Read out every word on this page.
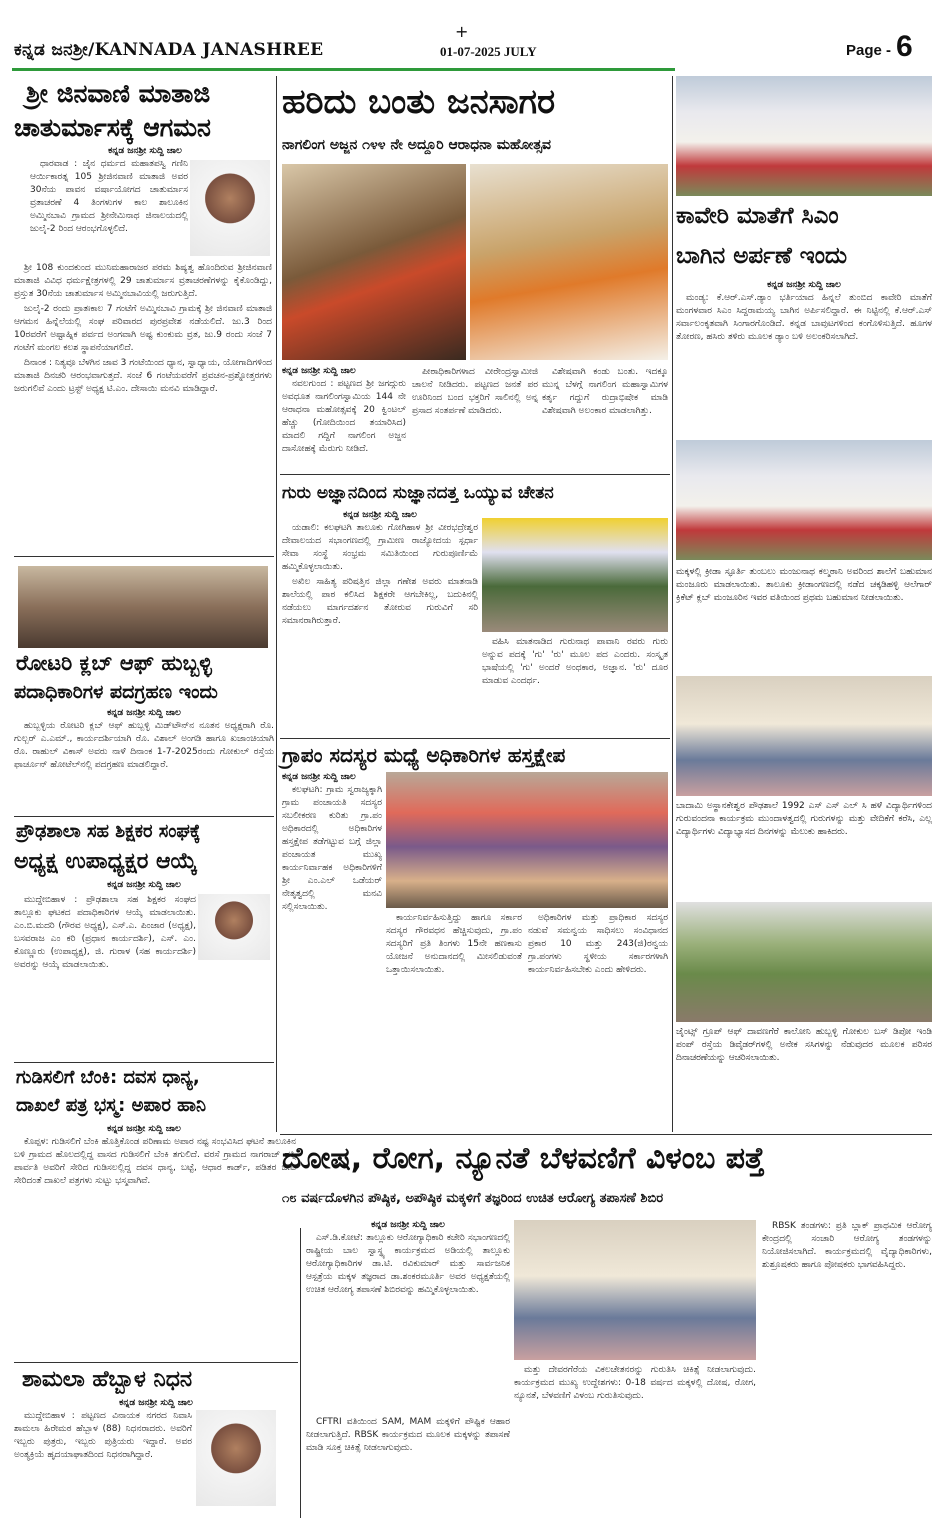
+
ಕನ್ನಡ ಜನಶ್ರೀ/KANNADA JANASHREE	01-07-2025 JULY	Page - 6
ಶ್ರೀ ಜಿನವಾಣಿ ಮಾತಾಜಿ
ಚಾತುರ್ಮಾಸಕ್ಕೆ ಆಗಮನ
ಕನ್ನಡ ಜನಶ್ರೀ ಸುದ್ದಿ ಜಾಲ

ಧಾರವಾಡ : ಜೈನ ಧರ್ಮದ ಮಹಾತಪಸ್ವಿ ಗಣಿನಿ ಆರ್ಯಿಕಾರತ್ನ 105 ಶ್ರೀಜಿನವಾಣಿ ಮಾತಾಜಿ ಅವರ 30ನೆಯ ಪಾವನ ವರ್ಷಾಯೋಗದ ಚಾತುರ್ಮಾಸ ವ್ರತಾಚರಣೆ 4 ತಿಂಗಳುಗಳ ಕಾಲ ಶಾಲೂಕಿನ ಅಮ್ಮಿನಬಾವಿ ಗ್ರಾಮದ ಶ್ರೀನೇಮಿನಾಥ ಜಿನಾಲಯದಲ್ಲಿ ಜುಲೈ-2 ರಿಂದ ಆರಂಭಗೊಳ್ಳಲಿದೆ.

ಶ್ರೀ 108 ಕುಂದಕುಂದ ಮುನಿಮಹಾರಾಜರ ಪರಮ ಶಿಷ್ಯತ್ವ ಹೊಂದಿರುವ ಶ್ರೀಜಿನವಾಣಿ ಮಾತಾಜಿ ವಿವಿಧ ಧರ್ಮಕ್ಷೇತ್ರಗಳಲ್ಲಿ 29 ಚಾತುರ್ಮಾಸ ವ್ರತಾಚರಣೆಗಳನ್ನು ಕೈಕೊಂಡಿದ್ದು, ಪ್ರಸ್ತುತ 30ನೆಯ ಚಾತುರ್ಮಾಸ ಅಮ್ಮಿನಬಾವಿಯಲ್ಲಿ ಜರುಗುತ್ತಿದೆ.

ಜುಲೈ-2 ರಂದು ಪ್ರಾತಃಕಾಲ 7 ಗಂಟೆಗೆ ಅಮ್ಮಿನಬಾವಿ ಗ್ರಾಮಕ್ಕೆ ಶ್ರೀ ಜಿನವಾಣಿ ಮಾತಾಜಿ ಆಗಮನ ಹಿನ್ನೆಲೆಯಲ್ಲಿ ಸಂಘ ಪರಿವಾರದ ಪುರಪ್ರವೇಶ ನಡೆಯಲಿದೆ. ಜು.3 ರಿಂದ 10ರವರೆಗೆ ಅಷ್ಟಾಹ್ನಿಕ ಪರ್ವದ ಅಂಗವಾಗಿ ಅಷ್ಟ ಕುಂಕುಮ ವ್ರತ, ಜು.9 ರಂದು ಸಂಜೆ 7 ಗಂಟೆಗೆ ಮಂಗಲ ಕಲಶ ಸ್ಥಾಪನೆಯಾಗಲಿದೆ.

ದಿನಾಂಕ : ನಿತ್ಯವೂ ಬೆಳಗಿನ ಜಾವ 3 ಗಂಟೆಯಿಂದ ಧ್ಯಾನ, ಸ್ವಾಧ್ಯಾಯ, ಯೋಗಾದಿಗಳಿಂದ ಮಾತಾಜಿ ದಿನಚರಿ ಆರಂಭವಾಗುತ್ತದೆ. ಸಂಜೆ 6 ಗಂಟೆಯವರೆಗೆ ಪ್ರವಚನ-ಪ್ರಶ್ನೋತ್ತರಗಳು ಜರುಗಲಿವೆ ಎಂದು ಟ್ರಸ್ಟ್ ಅಧ್ಯಕ್ಷ ಟಿ.ಎಂ. ದೇಸಾಯಿ ಮನವಿ ಮಾಡಿದ್ದಾರೆ.

ರೋಟರಿ ಕ್ಲಬ್ ಆಫ್ ಹುಬ್ಬಳ್ಳಿ
ಪದಾಧಿಕಾರಿಗಳ ಪದಗ್ರಹಣ ಇಂದು
ಕನ್ನಡ ಜನಶ್ರೀ ಸುದ್ದಿ ಜಾಲ

ಹುಬ್ಬಳ್ಳಿಯ ರೋಟರಿ ಕ್ಲಬ್ ಆಫ್ ಹುಬ್ಬಳ್ಳಿ ಮಿಡ್‌ಟೌನ್‌ನ ನೂತನ ಅಧ್ಯಕ್ಷರಾಗಿ ರೊ. ಗುಲ್ಬರ್ ಎ.ಎಮ್., ಕಾರ್ಯದರ್ಶಿಯಾಗಿ ರೊ. ವಿಶಾಲ್ ಅಂಗಡಿ ಹಾಗೂ ಖಜಾಂಚಿಯಾಗಿ ರೊ. ರಾಹುಲ್ ವಿಕಾಸ್ ಅವರು ನಾಳೆ ದಿನಾಂಕ 1-7-2025ರಂದು ಗೋಕುಲ್ ರಸ್ತೆಯ ಫಾರ್ಚೂನ್ ಹೋಟೆಲ್‌ನಲ್ಲಿ ಪದಗ್ರಹಣ ಮಾಡಲಿದ್ದಾರೆ.

ಪ್ರೌಢಶಾಲಾ ಸಹ ಶಿಕ್ಷಕರ ಸಂಘಕ್ಕೆ
ಅಧ್ಯಕ್ಷ ಉಪಾಧ್ಯಕ್ಷರ ಆಯ್ಕೆ
ಕನ್ನಡ ಜನಶ್ರೀ ಸುದ್ದಿ ಜಾಲ

ಮುದ್ದೇಬಿಹಾಳ : ಪ್ರೌಢಶಾಲಾ ಸಹ ಶಿಕ್ಷಕರ ಸಂಘದ ತಾಲ್ಲೂಕು ಘಟಕದ ಪದಾಧಿಕಾರಿಗಳ ಆಯ್ಕೆ ಮಾಡಲಾಯಿತು. ಎಂ.ಬಿ.ಮದರಿ (ಗೌರವ ಅಧ್ಯಕ್ಷ), ಎಸ್.ಎ. ಪಿಂಜಾರ (ಅಧ್ಯಕ್ಷ), ಬಸವರಾಜ ಎಂ ಕರಿ (ಪ್ರಧಾನ ಕಾರ್ಯದರ್ಶಿ), ಎಸ್. ಎಂ. ಕೊಣ್ಣೂರು (ಉಪಾಧ್ಯಕ್ಷ), ಜಿ. ಗುರಾಳ (ಸಹ ಕಾರ್ಯದರ್ಶಿ) ಅವರನ್ನು ಆಯ್ಕೆ ಮಾಡಲಾಯಿತು.

ಗುಡಿಸಲಿಗೆ ಬೆಂಕಿ: ದವಸ ಧಾನ್ಯ,
ದಾಖಲೆ ಪತ್ರ ಭಸ್ಮ: ಅಪಾರ ಹಾನಿ
ಕನ್ನಡ ಜನಶ್ರೀ ಸುದ್ದಿ ಜಾಲ

ಕೊಪ್ಪಳ: ಗುಡಿಸಲಿಗೆ ಬೆಂಕಿ ಹೊತ್ತಿಕೊಂಡ ಪರಿಣಾಮ ಅಪಾರ ನಷ್ಟ ಸಂಭವಿಸಿದ ಘಟನೆ ತಾಲೂಕಿನ ಬಳಿ ಗ್ರಾಮದ ಹೊಲದಲ್ಲಿದ್ದ ವಾಸದ ಗುಡಿಸಲಿಗೆ ಬೆಂಕಿ ತಗುಲಿದೆ. ವರಸೆ ಗ್ರಾಮದ ನಾಗರಾಜ್ ಪತ್ನಿ ಪಾರ್ವತಿ ಅವರಿಗೆ ಸೇರಿದ ಗುಡಿಸಲಲ್ಲಿದ್ದ ದವಸ ಧಾನ್ಯ, ಬಟ್ಟೆ, ಆಧಾರ ಕಾರ್ಡ್, ಪಡಿತರ ಚೀಟಿ ಸೇರಿದಂತೆ ದಾಖಲೆ ಪತ್ರಗಳು ಸುಟ್ಟು ಭಸ್ಮವಾಗಿವೆ.

ಶಾಮಲಾ ಹೆಬ್ಬಾಳ ನಿಧನ
ಕನ್ನಡ ಜನಶ್ರೀ ಸುದ್ದಿ ಜಾಲ

ಮುದ್ದೇಬಿಹಾಳ : ಪಟ್ಟಣದ ವಿನಾಯಕ ನಗರದ ನಿವಾಸಿ ಶಾಮಲಾ ಹಿರೇಮಠ ಹೆಬ್ಬಾಳ (88) ನಿಧನರಾದರು. ಅವರಿಗೆ ಇಬ್ಬರು ಪುತ್ರರು, ಇಬ್ಬರು ಪುತ್ರಿಯರು ಇದ್ದಾರೆ. ಅವರ ಅಂತ್ಯಕ್ರಿಯೆ ಹೃದಯಾಘಾತದಿಂದ ನಿಧನರಾಗಿದ್ದಾರೆ.

ಹರಿದು ಬಂತು ಜನಸಾಗರ
ನಾಗಲಿಂಗ ಅಜ್ಜನ ೧೪೪ ನೇ ಅದ್ದೂರಿ ಆರಾಧನಾ ಮಹೋತ್ಸವ
ಕನ್ನಡ ಜನಶ್ರೀ ಸುದ್ದಿ ಜಾಲ

ನವಲಗುಂದ : ಪಟ್ಟಣದ ಶ್ರೀ ಜಗದ್ಗುರು ಅವಧೂತ ನಾಗಲಿಂಗಸ್ವಾಮಿಯ 144 ನೇ ಆರಾಧನಾ ಮಹೋತ್ಸವಕ್ಕೆ 20 ಕ್ವಿಂಟಲ್ ಹೆಚ್ಚು (ಗೋದಿಯಿಂದ ತಯಾರಿಸಿದ) ಮಾದಲಿ ಗದ್ದಿಗೆ ನಾಗಲಿಂಗ ಅಜ್ಜನ ದಾಸೋಹಕ್ಕೆ ಮೆರುಗು ನೀಡಿದೆ.

ಪೀಠಾಧಿಕಾರಿಗಳಾದ ವೀರೇಂದ್ರಸ್ವಾಮೀಜಿ ಚಾಲನೆ ನೀಡಿದರು. ಪಟ್ಟಣದ ಜನತೆ ಪರ ಊರಿನಿಂದ ಬಂದ ಭಕ್ತರಿಗೆ ಸಾಲಿನಲ್ಲಿ ಅನ್ನ ಪ್ರಸಾದ ಸಂತರ್ಪಣೆ ಮಾಡಿದರು.

ವಿಶೇಷವಾಗಿ ಕಂಡು ಬಂತು. ಇದಕ್ಕೂ ಮುನ್ನ ಬೆಳಗ್ಗೆ ನಾಗಲಿಂಗ ಮಹಾಸ್ವಾಮಿಗಳ ಕರ್ತೃ ಗದ್ದುಗೆ ರುದ್ರಾಭಿಷೇಕ ಮಾಡಿ ವಿಶೇಷವಾಗಿ ಅಲಂಕಾರ ಮಾಡಲಾಗಿತ್ತು.

ಗುರು ಅಜ್ಞಾನದಿಂದ ಸುಜ್ಞಾನದತ್ತ ಒಯ್ಯುವ ಚೇತನ
ಕನ್ನಡ ಜನಶ್ರೀ ಸುದ್ದಿ ಜಾಲ

ಯಡಾಲಿ: ಕಲಘಟಗಿ ತಾಲೂಕು ಗೋಗಿಹಾಳ ಶ್ರೀ ವೀರಭದ್ರೇಶ್ವರ ದೇವಾಲಯದ ಸಭಾಂಗಣದಲ್ಲಿ ಗ್ರಾಮೀಣ ರಾಜ್ಯೋದಯ ಸ್ಪರ್ಧಾ ಸೇವಾ ಸಂಸ್ಥೆ ಸಂಭ್ರಮ ಸಮಿತಿಯಿಂದ ಗುರುಪೂರ್ಣಿಮೆ ಹಮ್ಮಿಕೊಳ್ಳಲಾಯಿತು.

ಅಖಿಲ ಸಾಹಿತ್ಯ ಪರಿಷತ್ತಿನ ಜಿಲ್ಲಾ ಗಣೇಶ ಅವರು ಮಾತನಾಡಿ ಶಾಲೆಯಲ್ಲಿ ಪಾಠ ಕಲಿಸಿದ ಶಿಕ್ಷಕರೇ ಆಗಬೇಕಿಲ್ಲ, ಬದುಕಿನಲ್ಲಿ ನಡೆಯಲು ಮಾರ್ಗದರ್ಶನ ತೋರುವ ಗುರುವಿಗೆ ಸರಿ ಸಮಾನರಾಗಿರುತ್ತಾರೆ.

ವಹಿಸಿ ಮಾತನಾಡಿದ ಗುರುನಾಥ ಪಾವಾನಿ ರವರು ಗುರು ಅನ್ನುವ ಪದಕ್ಕೆ 'ಗು' 'ರು' ಮೂಲ ಪದ ಎಂದರು. ಸಂಸ್ಕೃತ ಭಾಷೆಯಲ್ಲಿ 'ಗು' ಅಂದರೆ ಅಂಧಕಾರ, ಅಜ್ಞಾನ. 'ರು' ದೂರ ಮಾಡುವ ಎಂದರ್ಥ.

ಗ್ರಾಪಂ ಸದಸ್ಯರ ಮಧ್ಯೆ ಅಧಿಕಾರಿಗಳ ಹಸ್ತಕ್ಷೇಪ
ಕನ್ನಡ ಜನಶ್ರೀ ಸುದ್ದಿ ಜಾಲ

ಕಲಘಟಗಿ: ಗ್ರಾಮ ಸ್ವರಾಜ್ಯಕ್ಕಾಗಿ ಗ್ರಾಮ ಪಂಚಾಯತಿ ಸದಸ್ಯರ ಸಬಲೀಕರಣ ಕುರಿತು ಗ್ರಾ.ಪಂ ಅಧಿಕಾರದಲ್ಲಿ ಅಧಿಕಾರಿಗಳ ಹಸ್ತಕ್ಷೇಪ ತಡೆಗಟ್ಟುವ ಬಗ್ಗೆ ಜಿಲ್ಲಾ ಪಂಚಾಯತ ಮುಖ್ಯ ಕಾರ್ಯನಿರ್ವಾಹಕ ಅಧಿಕಾರಿಗಳಿಗೆ ಶ್ರೀ ಎಂ.ಎಲ್ ಒಡೆಯರ್ ನೇತೃತ್ವದಲ್ಲಿ ಮನವಿ ಸಲ್ಲಿಸಲಾಯಿತು.

ಕಾರ್ಯನಿರ್ವಹಿಸುತ್ತಿದ್ದು ಹಾಗೂ ಸರ್ಕಾರ ಸದಸ್ಯರ ಗೌರವಧನ ಹೆಚ್ಚಿಸುವುದು, ಗ್ರಾ.ಪಂ ಸದಸ್ಯರಿಗೆ ಪ್ರತಿ ತಿಂಗಳು 15ನೇ ಹಣಕಾಸು ಯೋಜನೆ ಅನುದಾನದಲ್ಲಿ ಮೀಸಲಿಡುವಂತೆ ಒತ್ತಾಯಿಸಲಾಯಿತು.

ಅಧಿಕಾರಿಗಳ ಮತ್ತು ಪ್ರಾಧಿಕಾರ ಸದಸ್ಯರ ನಡುವೆ ಸಮನ್ವಯ ಸಾಧಿಸಲು ಸಂವಿಧಾನದ ಪ್ರಕಾರ 10 ಮತ್ತು 243(ಜಿ)ರನ್ವಯ ಗ್ರಾ.ಪಂಗಳು ಸ್ಥಳೀಯ ಸರ್ಕಾರಗಳಾಗಿ ಕಾರ್ಯನಿರ್ವಹಿಸಬೇಕು ಎಂದು ಹೇಳಿದರು.

ಕಾವೇರಿ ಮಾತೆಗೆ ಸಿಎಂ
ಬಾಗಿನ ಅರ್ಪಣೆ ಇಂದು
ಕನ್ನಡ ಜನಶ್ರೀ ಸುದ್ದಿ ಜಾಲ

ಮಂಡ್ಯ: ಕೆ.ಆರ್.ಎಸ್.ಡ್ಯಾಂ ಭರ್ತಿಯಾದ ಹಿನ್ನಲೆ ತುಂಬಿದ ಕಾವೇರಿ ಮಾತೆಗೆ ಮಂಗಳವಾರ ಸಿಎಂ ಸಿದ್ದರಾಮಯ್ಯ ಬಾಗಿನ ಅರ್ಪಿಸಲಿದ್ದಾರೆ. ಈ ನಿಟ್ಟಿನಲ್ಲಿ ಕೆ.ಆರ್.ಎಸ್ ಸರ್ವಾಲಂಕೃತವಾಗಿ ಸಿಂಗಾರಗೊಂಡಿದೆ. ಕನ್ನಡ ಬಾವುಟಗಳಿಂದ ಕಂಗೊಳಿಸುತ್ತಿದೆ. ಹೂಗಳ ತೋರಣ, ಹಸಿರು ತಳಿರು ಮೂಲಕ ಡ್ಯಾಂ ಬಳಿ ಅಲಂಕರಿಸಲಾಗಿದೆ.

ಮಕ್ಕಳಲ್ಲಿ ಕ್ರೀಡಾ ಸ್ಫೂರ್ತಿ ತುಂಬಲು ಮಂಜುನಾಥ ಕಲ್ಮಠಾನಿ ಅವರಿಂದ ಶಾಲೆಗೆ ಬಹುಮಾನ ಮಂಜೂರು ಮಾಡಲಾಯಿತು. ತಾಲೂಕು ಕ್ರೀಡಾಂಗಣದಲ್ಲಿ ನಡೆದ ಚಕ್ಕಡಿಹಳ್ಳಿ ಆಲೆಗಾರ್ ಕ್ರಿಕೆಟ್ ಕ್ಲಬ್ ಮಂಜೂರಿನ ಇವರ ವತಿಯಿಂದ ಪ್ರಥಮ ಬಹುಮಾನ ನೀಡಲಾಯಿತು.
ಬಾದಾಮಿ ಅಸ್ಥಾನಕೇಶ್ವರ ಪೌಢಶಾಲೆ 1992 ಎಸ್ ಎಸ್ ಎಲ್ ಸಿ ಹಳೆ ವಿದ್ಯಾರ್ಥಿಗಳಿಂದ ಗುರುವಂದನಾ ಕಾರ್ಯಕ್ರಮ ಮುಂದಾಳತ್ವದಲ್ಲಿ ಗುರುಗಳನ್ನು ಮತ್ತು ವೇದಿಕೆಗೆ ಕರೆಸಿ, ಎಲ್ಲ ವಿದ್ಯಾರ್ಥಿಗಳು ವಿದ್ಯಾಭ್ಯಾಸದ ದಿನಗಳನ್ನು ಮೆಲುಕು ಹಾಕಿದರು.
ಜೈಂಟ್ಸ್ ಗ್ರೂಪ್ ಆಫ್ ದಾವಣಗೆರೆ ಕಾಲೋನಿ ಹುಬ್ಬಳ್ಳಿ ಗೋಕುಲ ಬಸ್ ಡಿಪೋ ಇಂಡಿ ಪಂಪ್ ರಸ್ತೆಯ ಡಿವೈಡರ್‌ಗಳಲ್ಲಿ ಅನೇಕ ಸಸಿಗಳನ್ನು ನೆಡುವುದರ ಮೂಲಕ ಪರಿಸರ ದಿನಾಚರಣೆಯನ್ನು ಆಚರಿಸಲಾಯಿತು.
ದೋಷ, ರೋಗ, ನ್ಯೂನತೆ ಬೆಳವಣಿಗೆ ವಿಳಂಬ ಪತ್ತೆ
೧೮ ವರ್ಷದೊಳಗಿನ ಪೌಷ್ಠಿಕ, ಅಪೌಷ್ಠಿಕ ಮಕ್ಕಳಿಗೆ ತಜ್ಞರಿಂದ ಉಚಿತ ಆರೋಗ್ಯ ತಪಾಸಣೆ ಶಿಬಿರ
ಕನ್ನಡ ಜನಶ್ರೀ ಸುದ್ದಿ ಜಾಲ

ಎಸ್.ಡಿ.ಕೋಟೆ: ತಾಲ್ಲೂಕು ಆರೋಗ್ಯಾಧಿಕಾರಿ ಕಚೇರಿ ಸಭಾಂಗಣದಲ್ಲಿ ರಾಷ್ಟ್ರೀಯ ಬಾಲ ಸ್ವಾಸ್ಥ್ಯ ಕಾರ್ಯಕ್ರಮದ ಅಡಿಯಲ್ಲಿ ತಾಲ್ಲೂಕು ಆರೋಗ್ಯಾಧಿಕಾರಿಗಳ ಡಾ.ಟಿ. ರವಿಕುಮಾರ್ ಮತ್ತು ಸಾರ್ವಜನಿಕ ಆಸ್ಪತ್ರೆಯ ಮಕ್ಕಳ ತಜ್ಞರಾದ ಡಾ.ಶಂಕರಮೂರ್ತಿ ಅವರ ಅಧ್ಯಕ್ಷತೆಯಲ್ಲಿ ಉಚಿತ ಆರೋಗ್ಯ ತಪಾಸಣೆ ಶಿಬಿರವನ್ನು ಹಮ್ಮಿಕೊಳ್ಳಲಾಯಿತು.

CFTRI ವತಿಯಿಂದ SAM, MAM ಮಕ್ಕಳಿಗೆ ಪೌಷ್ಟಿಕ ಆಹಾರ ನೀಡಲಾಗುತ್ತಿದೆ. RBSK ಕಾರ್ಯಕ್ರಮದ ಮೂಲಕ ಮಕ್ಕಳನ್ನು ತಪಾಸಣೆ ಮಾಡಿ ಸೂಕ್ತ ಚಿಕಿತ್ಸೆ ನೀಡಲಾಗುವುದು.

ಮತ್ತು ದೇವರಗೆರೆಯ ವಿಕಲಚೇತನರನ್ನು ಗುರುತಿಸಿ ಚಿಕಿತ್ಸೆ ನೀಡಲಾಗುವುದು. ಕಾರ್ಯಕ್ರಮದ ಮುಖ್ಯ ಉದ್ದೇಶಗಳು: 0-18 ವರ್ಷದ ಮಕ್ಕಳಲ್ಲಿ ದೋಷ, ರೋಗ, ನ್ಯೂನತೆ, ಬೆಳವಣಿಗೆ ವಿಳಂಬ ಗುರುತಿಸುವುದು.

RBSK ತಂಡಗಳು: ಪ್ರತಿ ಬ್ಲಾಕ್ ಪ್ರಾಥಮಿಕ ಆರೋಗ್ಯ ಕೇಂದ್ರದಲ್ಲಿ ಸಂಚಾರಿ ಆರೋಗ್ಯ ತಂಡಗಳನ್ನು ನಿಯೋಜಿಸಲಾಗಿದೆ. ಕಾರ್ಯಕ್ರಮದಲ್ಲಿ ವೈದ್ಯಾಧಿಕಾರಿಗಳು, ಶುಶ್ರೂಷಕರು ಹಾಗೂ ಪೋಷಕರು ಭಾಗವಹಿಸಿದ್ದರು.
